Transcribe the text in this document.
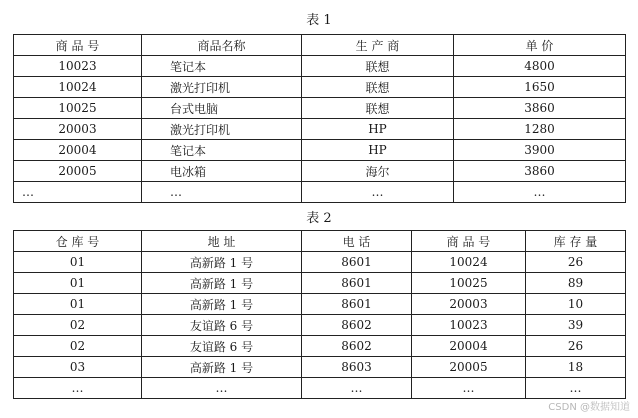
表 1
商 品 号	商品名称	生 产 商	单 价
10023	笔记本	联想	4800
10024	激光打印机	联想	1650
10025	台式电脑	联想	3860
20003	激光打印机	HP	1280
20004	笔记本	HP	3900
20005	电冰箱	海尔	3860
…	…	…	…
表 2
仓 库 号	地 址	电 话	商 品 号	库 存 量
01	高新路 1 号	8601	10024	26
01	高新路 1 号	8601	10025	89
01	高新路 1 号	8601	20003	10
02	友谊路 6 号	8602	10023	39
02	友谊路 6 号	8602	20004	26
03	高新路 1 号	8603	20005	18
…	…	…	…	…
CSDN @数据知道
